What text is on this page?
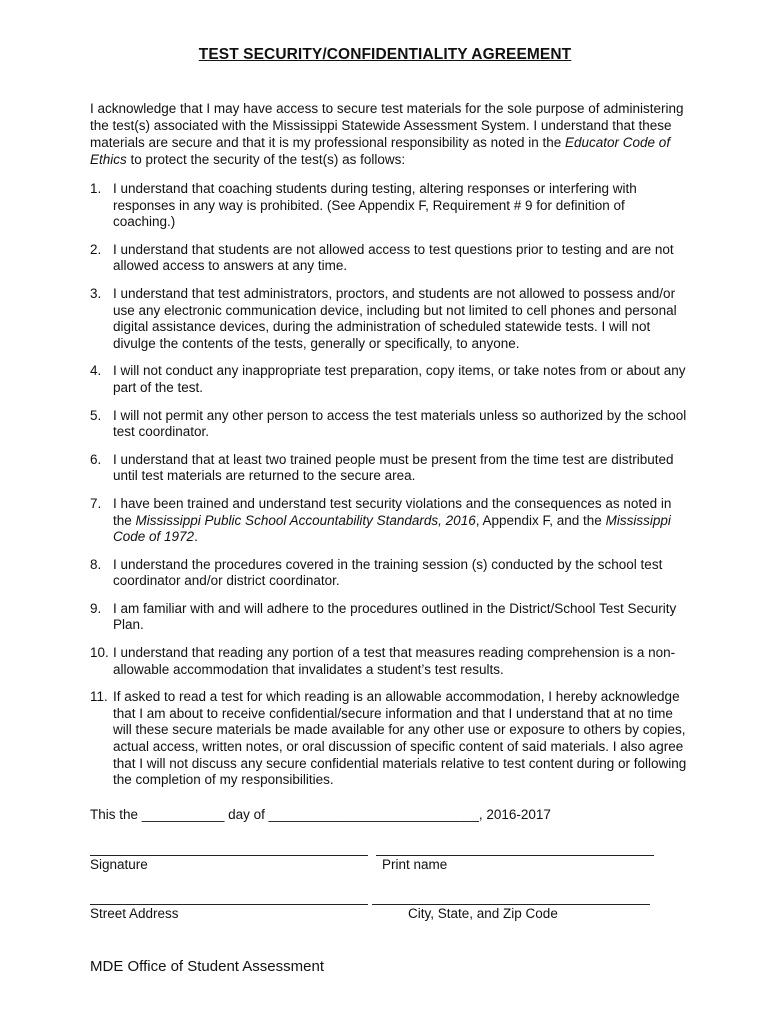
TEST SECURITY/CONFIDENTIALITY AGREEMENT

I acknowledge that I may have access to secure test materials for the sole purpose of administering the test(s) associated with the Mississippi Statewide Assessment System. I understand that these materials are secure and that it is my professional responsibility as noted in the Educator Code of Ethics to protect the security of the test(s) as follows:

1. I understand that coaching students during testing, altering responses or interfering with responses in any way is prohibited. (See Appendix F, Requirement # 9 for definition of coaching.)
2. I understand that students are not allowed access to test questions prior to testing and are not allowed access to answers at any time.
3. I understand that test administrators, proctors, and students are not allowed to possess and/or use any electronic communication device, including but not limited to cell phones and personal digital assistance devices, during the administration of scheduled statewide tests. I will not divulge the contents of the tests, generally or specifically, to anyone.
4. I will not conduct any inappropriate test preparation, copy items, or take notes from or about any part of the test.
5. I will not permit any other person to access the test materials unless so authorized by the school test coordinator.
6. I understand that at least two trained people must be present from the time test are distributed until test materials are returned to the secure area.
7. I have been trained and understand test security violations and the consequences as noted in the Mississippi Public School Accountability Standards, 2016, Appendix F, and the Mississippi Code of 1972.
8. I understand the procedures covered in the training session (s) conducted by the school test coordinator and/or district coordinator.
9. I am familiar with and will adhere to the procedures outlined in the District/School Test Security Plan.
10. I understand that reading any portion of a test that measures reading comprehension is a non-allowable accommodation that invalidates a student’s test results.
11. If asked to read a test for which reading is an allowable accommodation, I hereby acknowledge that I am about to receive confidential/secure information and that I understand that at no time will these secure materials be made available for any other use or exposure to others by copies, actual access, written notes, or oral discussion of specific content of said materials. I also agree that I will not discuss any secure confidential materials relative to test content during or following the completion of my responsibilities.
This the ___________ day of ____________________________, 2016-2017
Signature	Print name
Street Address	City, State, and Zip Code
MDE Office of Student Assessment
